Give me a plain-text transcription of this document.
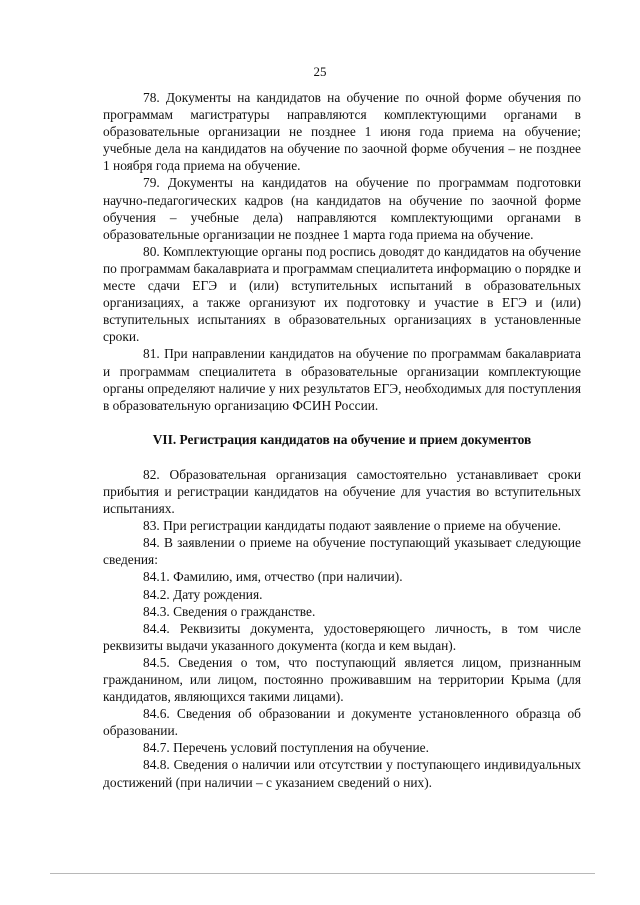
25

78. Документы на кандидатов на обучение по очной форме обучения по программам магистратуры направляются комплектующими органами в образовательные организации не позднее 1 июня года приема на обучение; учебные дела на кандидатов на обучение по заочной форме обучения – не позднее 1 ноября года приема на обучение.

79. Документы на кандидатов на обучение по программам подготовки научно-педагогических кадров (на кандидатов на обучение по заочной форме обучения – учебные дела) направляются комплектующими органами в образовательные организации не позднее 1 марта года приема на обучение.

80. Комплектующие органы под роспись доводят до кандидатов на обучение по программам бакалавриата и программам специалитета информацию о порядке и месте сдачи ЕГЭ и (или) вступительных испытаний в образовательных организациях, а также организуют их подготовку и участие в ЕГЭ и (или) вступительных испытаниях в образовательных организациях в установленные сроки.

81. При направлении кандидатов на обучение по программам бакалавриата и программам специалитета в образовательные организации комплектующие органы определяют наличие у них результатов ЕГЭ, необходимых для поступления в образовательную организацию ФСИН России.

VII. Регистрация кандидатов на обучение и прием документов

82. Образовательная организация самостоятельно устанавливает сроки прибытия и регистрации кандидатов на обучение для участия во вступительных испытаниях.

83. При регистрации кандидаты подают заявление о приеме на обучение.

84. В заявлении о приеме на обучение поступающий указывает следующие сведения:

84.1. Фамилию, имя, отчество (при наличии).

84.2. Дату рождения.

84.3. Сведения о гражданстве.

84.4. Реквизиты документа, удостоверяющего личность, в том числе реквизиты выдачи указанного документа (когда и кем выдан).

84.5. Сведения о том, что поступающий является лицом, признанным гражданином, или лицом, постоянно проживавшим на территории Крыма (для кандидатов, являющихся такими лицами).

84.6. Сведения об образовании и документе установленного образца об образовании.

84.7. Перечень условий поступления на обучение.

84.8. Сведения о наличии или отсутствии у поступающего индивидуальных достижений (при наличии – с указанием сведений о них).
